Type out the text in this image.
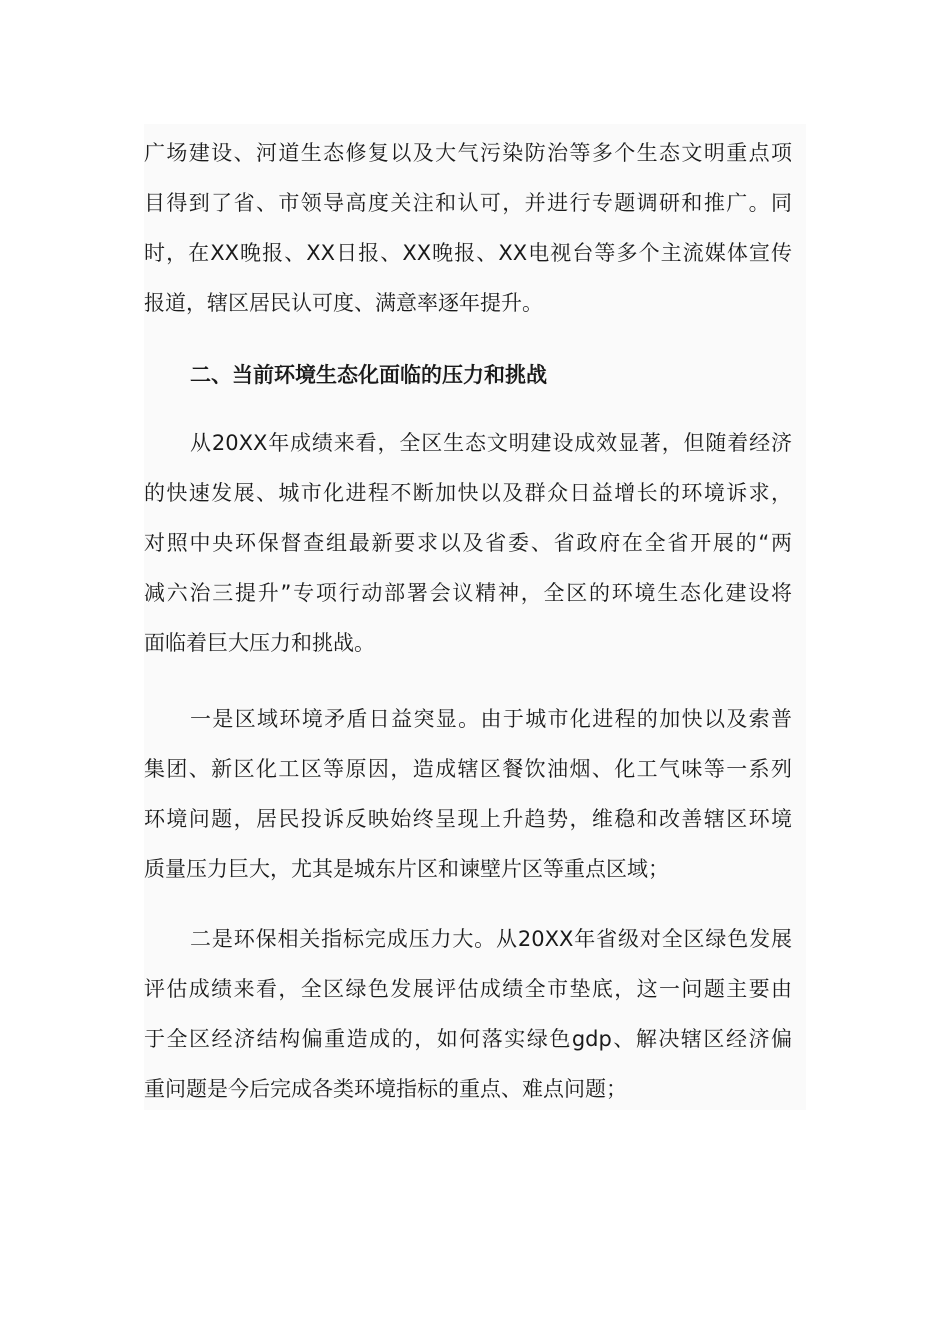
广场建设、河道生态修复以及大气污染防治等多个生态文明重点项
目得到了省、市领导高度关注和认可，并进行专题调研和推广。同
时，在XX晚报、XX日报、XX晚报、XX电视台等多个主流媒体宣传
报道，辖区居民认可度、满意率逐年提升。
二、当前环境生态化面临的压力和挑战
从20XX年成绩来看，全区生态文明建设成效显著，但随着经济
的快速发展、城市化进程不断加快以及群众日益增长的环境诉求，
对照中央环保督查组最新要求以及省委、省政府在全省开展的“两
减六治三提升”专项行动部署会议精神，全区的环境生态化建设将
面临着巨大压力和挑战。
一是区域环境矛盾日益突显。由于城市化进程的加快以及索普
集团、新区化工区等原因，造成辖区餐饮油烟、化工气味等一系列
环境问题，居民投诉反映始终呈现上升趋势，维稳和改善辖区环境
质量压力巨大，尤其是城东片区和谏壁片区等重点区域；
二是环保相关指标完成压力大。从20XX年省级对全区绿色发展
评估成绩来看，全区绿色发展评估成绩全市垫底，这一问题主要由
于全区经济结构偏重造成的，如何落实绿色gdp、解决辖区经济偏
重问题是今后完成各类环境指标的重点、难点问题；
